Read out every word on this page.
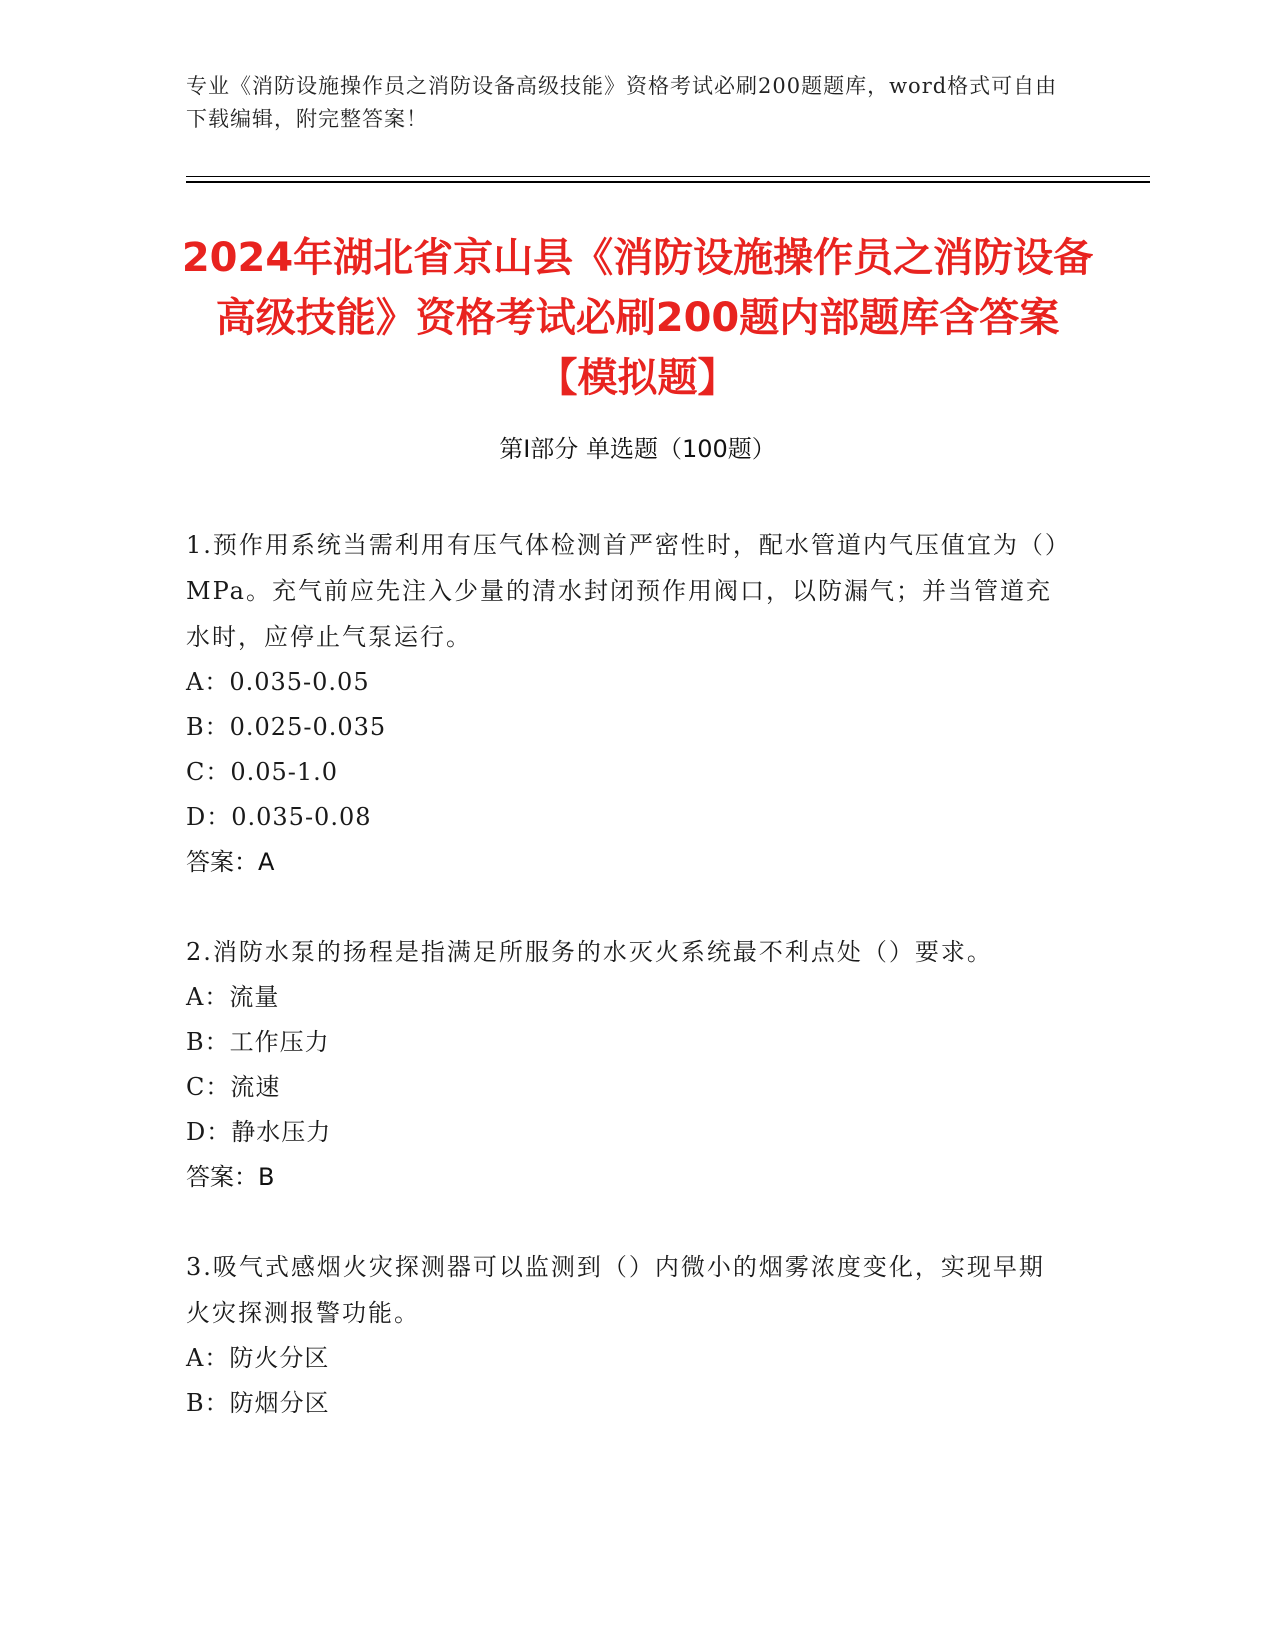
专业《消防设施操作员之消防设备高级技能》资格考试必刷200题题库，word格式可自由下载编辑，附完整答案！
2024年湖北省京山县《消防设施操作员之消防设备高级技能》资格考试必刷200题内部题库含答案【模拟题】
第I部分 单选题（100题）
1.预作用系统当需利用有压气体检测首严密性时，配水管道内气压值宜为（）MPa。充气前应先注入少量的清水封闭预作用阀口，以防漏气；并当管道充水时，应停止气泵运行。
A：0.035-0.05
B：0.025-0.035
C：0.05-1.0
D：0.035-0.08
答案：A
2.消防水泵的扬程是指满足所服务的水灭火系统最不利点处（）要求。
A：流量
B：工作压力
C：流速
D：静水压力
答案：B
3.吸气式感烟火灾探测器可以监测到（）内微小的烟雾浓度变化，实现早期火灾探测报警功能。
A：防火分区
B：防烟分区
